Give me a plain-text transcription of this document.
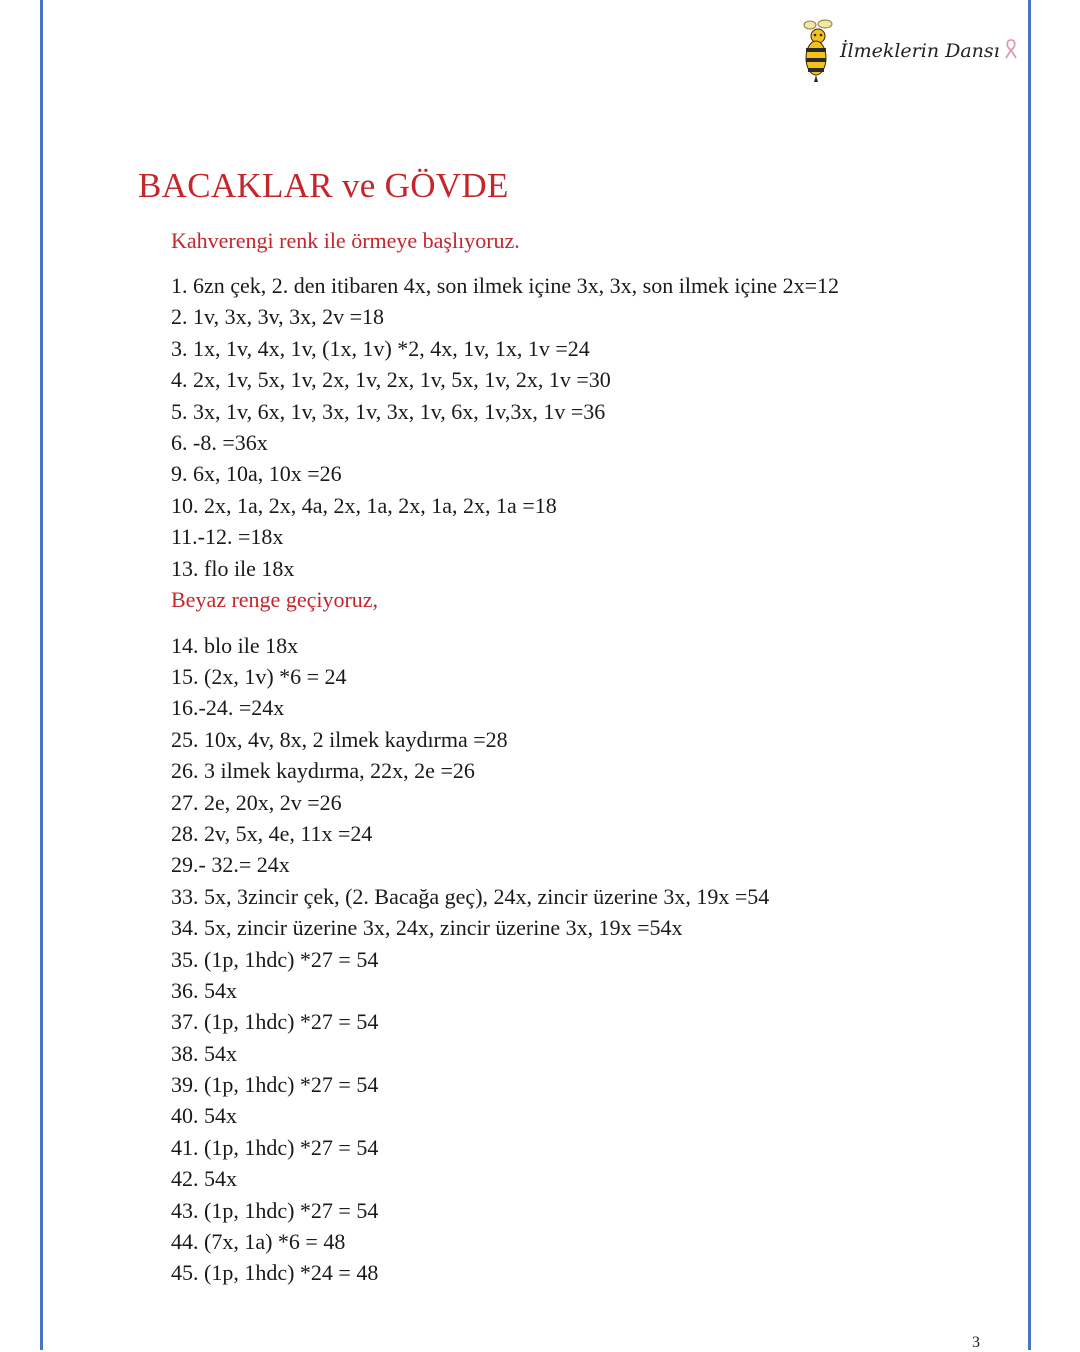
İlmeklerin Dansı
BACAKLAR ve GÖVDE
Kahverengi renk ile örmeye başlıyoruz.
1. 6zn çek, 2. den itibaren 4x, son ilmek içine 3x, 3x, son ilmek içine 2x=12
2. 1v, 3x, 3v, 3x, 2v =18
3. 1x, 1v, 4x, 1v, (1x, 1v) *2, 4x, 1v, 1x, 1v =24
4. 2x, 1v, 5x, 1v, 2x, 1v, 2x, 1v, 5x, 1v, 2x, 1v =30
5. 3x, 1v, 6x, 1v, 3x, 1v, 3x, 1v, 6x, 1v,3x, 1v =36
6. -8. =36x
9. 6x, 10a, 10x =26
10. 2x, 1a, 2x, 4a, 2x, 1a, 2x, 1a, 2x, 1a =18
11.-12. =18x
13. flo ile 18x
Beyaz renge geçiyoruz,
14. blo ile 18x
15. (2x, 1v) *6 = 24
16.-24. =24x
25. 10x, 4v, 8x, 2 ilmek kaydırma =28
26. 3 ilmek kaydırma, 22x, 2e =26
27. 2e, 20x, 2v =26
28. 2v, 5x, 4e, 11x =24
29.- 32.= 24x
33. 5x, 3zincir çek, (2. Bacağa geç), 24x, zincir üzerine 3x, 19x =54
34. 5x, zincir üzerine 3x, 24x, zincir üzerine 3x, 19x =54x
35. (1p, 1hdc) *27 = 54
36. 54x
37. (1p, 1hdc) *27 = 54
38. 54x
39. (1p, 1hdc) *27 = 54
40. 54x
41. (1p, 1hdc) *27 = 54
42. 54x
43. (1p, 1hdc) *27 = 54
44. (7x, 1a) *6 = 48
45. (1p, 1hdc) *24 = 48
3
